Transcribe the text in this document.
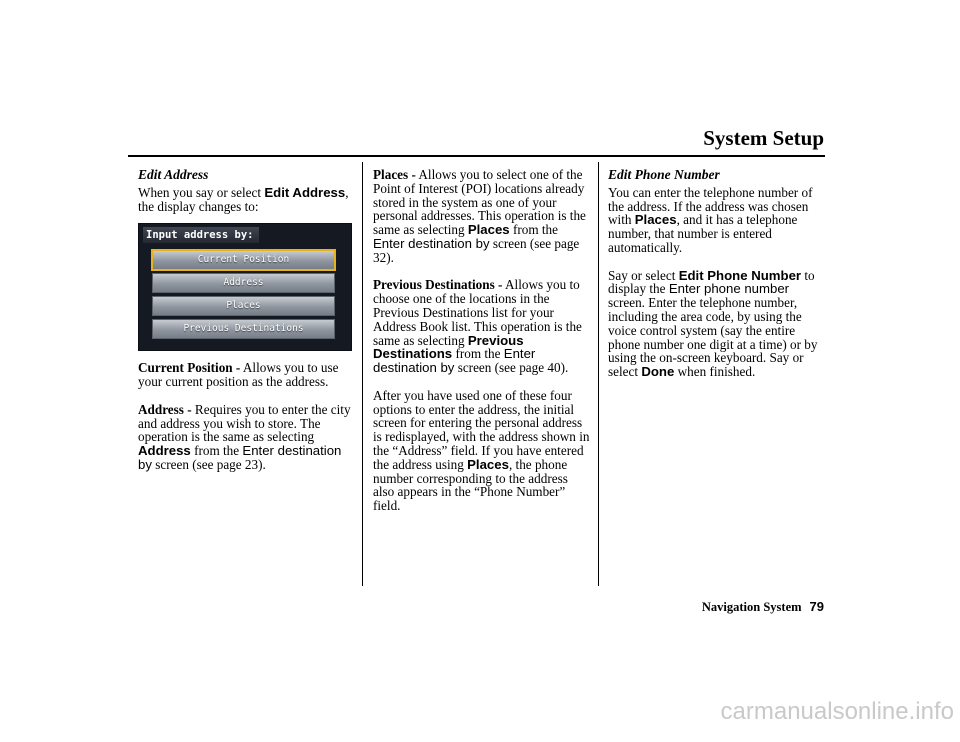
System Setup
Edit Address

When you say or select Edit Address,
the display changes to:

Input address by:
Current Position
Address
Places
Previous Destinations

Current Position - Allows you to use your current position as the address.

Address - Requires you to enter the city and address you wish to store. The operation is the same as selecting Address from the Enter destination by screen (see page 23).

Places - Allows you to select one of the Point of Interest (POI) locations already stored in the system as one of your personal addresses. This operation is the same as selecting Places from the Enter destination by screen (see page 32).

Previous Destinations - Allows you to choose one of the locations in the Previous Destinations list for your Address Book list. This operation is the same as selecting Previous Destinations from the Enter destination by screen (see page 40).

After you have used one of these four options to enter the address, the initial screen for entering the personal address is redisplayed, with the address shown in the “Address” field. If you have entered the address using Places, the phone number corresponding to the address also appears in the “Phone Number” field.

Edit Phone Number

You can enter the telephone number of the address. If the address was chosen with Places, and it has a telephone number, that number is entered automatically.

Say or select Edit Phone Number to display the Enter phone number screen. Enter the telephone number, including the area code, by using the voice control system (say the entire phone number one digit at a time) or by using the on-screen keyboard. Say or select Done when finished.

Navigation System 79
carmanualsonline.info
